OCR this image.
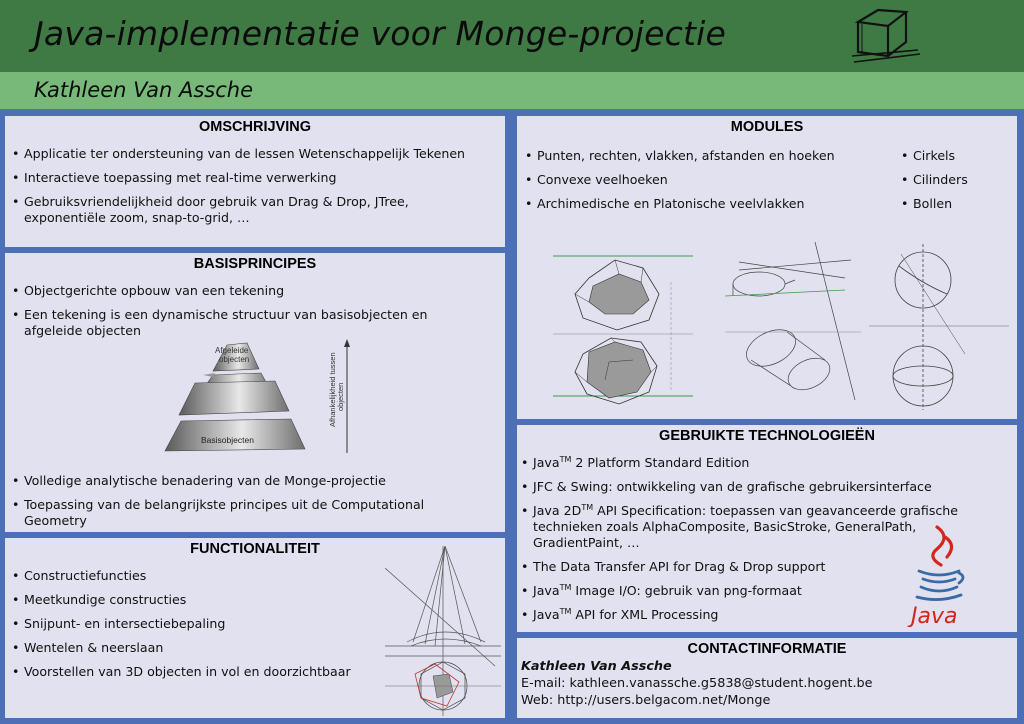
Java-implementatie voor Monge-projectie
Kathleen Van Assche
OMSCHRIJVING
• Applicatie ter ondersteuning van de lessen Wetenschappelijk Tekenen
• Interactieve toepassing met real-time verwerking
• Gebruiksvriendelijkheid door gebruik van Drag & Drop, JTree, exponentiële zoom, snap-to-grid, …
BASISPRINCIPES
• Objectgerichte opbouw van een tekening
• Een tekening is een dynamische structuur van basisobjecten en afgeleide objecten
Afgeleide
objecten
Basisobjecten
Afhankelijkheid tussen objecten
• Volledige analytische benadering van de Monge-projectie
• Toepassing van de belangrijkste principes uit de Computational Geometry
FUNCTIONALITEIT
• Constructiefuncties
• Meetkundige constructies
• Snijpunt- en intersectiebepaling
• Wentelen & neerslaan
• Voorstellen van 3D objecten in vol en doorzichtbaar
MODULES
• Punten, rechten, vlakken, afstanden en hoeken
• Convexe veelhoeken
• Archimedische en Platonische veelvlakken
• Cirkels
• Cilinders
• Bollen
GEBRUIKTE TECHNOLOGIEËN
• Java™ 2 Platform Standard Edition
• JFC & Swing: ontwikkeling van de grafische gebruikersinterface
• Java 2D™ API Specification: toepassen van geavanceerde grafische technieken zoals AlphaComposite, BasicStroke, GeneralPath, GradientPaint, …
• The Data Transfer API for Drag & Drop support
• Java™ Image I/O: gebruik van png-formaat
• Java™ API for XML Processing	Java
CONTACTINFORMATIE
Kathleen Van Assche
E-mail: kathleen.vanassche.g5838@student.hogent.be
Web: http://users.belgacom.net/Monge
